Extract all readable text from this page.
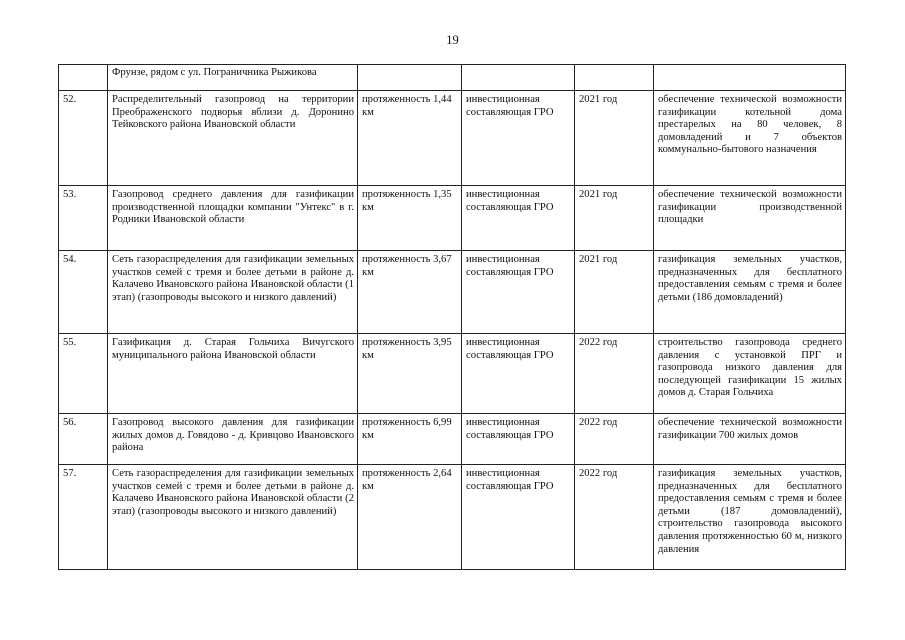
19
	Фрунзе, рядом с ул. Пограничника Рыжикова				
52.	Распределительный газопровод на территории Преображенского подворья вблизи д. Доронино Тейковского района Ивановской области	протяженность 1,44 км	инвестиционная составляющая ГРО	2021 год	обеспечение технической возможности газификации котельной дома престарелых на 80 человек, 8 домовладений и 7 объектов коммунально-бытового назначения
53.	Газопровод среднего давления для газификации производственной площадки компании "Унтекс" в г. Родники Ивановской области	протяженность 1,35 км	инвестиционная составляющая ГРО	2021 год	обеспечение технической возможности газификации производственной площадки
54.	Сеть газораспределения для газификации земельных участков семей с тремя и более детьми в районе д. Калачево Ивановского района Ивановской области (1 этап) (газопроводы высокого и низкого давлений)	протяженность 3,67 км	инвестиционная составляющая ГРО	2021 год	газификация земельных участков, предназначенных для бесплатного предоставления семьям с тремя и более детьми (186 домовладений)
55.	Газификация д. Старая Гольчиха Вичугского муниципального района Ивановской области	протяженность 3,95 км	инвестиционная составляющая ГРО	2022 год	строительство газопровода среднего давления с установкой ПРГ и газопровода низкого давления для последующей газификации 15 жилых домов д. Старая Гольчиха
56.	Газопровод высокого давления для газификации жилых домов д. Говядово - д. Кривцово Ивановского района	протяженность 6,99 км	инвестиционная составляющая ГРО	2022 год	обеспечение технической возможности газификации 700 жилых домов
57.	Сеть газораспределения для газификации земельных участков семей с тремя и более детьми в районе д. Калачево Ивановского района Ивановской области (2 этап) (газопроводы высокого и низкого давлений)	протяженность 2,64 км	инвестиционная составляющая ГРО	2022 год	газификация земельных участков, предназначенных для бесплатного предоставления семьям с тремя и более детьми (187 домовладений), строительство газопровода высокого давления протяженностью 60 м, низкого давления
